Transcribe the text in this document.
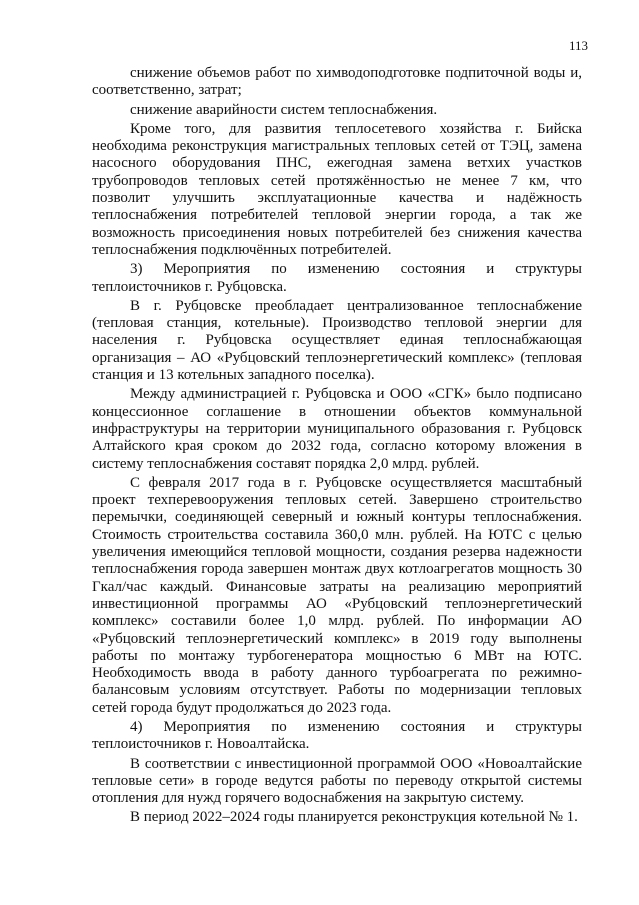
113

снижение объемов работ по химводоподготовке подпиточной воды и, соответственно, затрат;

снижение аварийности систем теплоснабжения.

Кроме того, для развития теплосетевого хозяйства г. Бийска необходима реконструкция магистральных тепловых сетей от ТЭЦ, замена насосного оборудования ПНС, ежегодная замена ветхих участков трубопроводов тепловых сетей протяжённостью не менее 7 км, что позволит улучшить эксплуатационные качества и надёжность теплоснабжения потребителей тепловой энергии города, а так же возможность присоединения новых потребителей без снижения качества теплоснабжения подключённых потребителей.

3) Мероприятия по изменению состояния и структуры теплоисточников г. Рубцовска.

В г. Рубцовске преобладает централизованное теплоснабжение (тепловая станция, котельные). Производство тепловой энергии для населения г. Рубцовска осуществляет единая теплоснабжающая организация – АО «Рубцовский теплоэнергетический комплекс» (тепловая станция и 13 котельных западного поселка).

Между администрацией г. Рубцовска и ООО «СГК» было подписано концессионное соглашение в отношении объектов коммунальной инфраструктуры на территории муниципального образования г. Рубцовск Алтайского края сроком до 2032 года, согласно которому вложения в систему теплоснабжения составят порядка 2,0 млрд. рублей.

С февраля 2017 года в г. Рубцовске осуществляется масштабный проект техперевооружения тепловых сетей. Завершено строительство перемычки, соединяющей северный и южный контуры теплоснабжения. Стоимость строительства составила 360,0 млн. рублей. На ЮТС с целью увеличения имеющийся тепловой мощности, создания резерва надежности теплоснабжения города завершен монтаж двух котлоагрегатов мощность 30 Гкал/час каждый. Финансовые затраты на реализацию мероприятий инвестиционной программы АО «Рубцовский теплоэнергетический комплекс» составили более 1,0 млрд. рублей. По информации АО «Рубцовский теплоэнергетический комплекс» в 2019 году выполнены работы по монтажу турбогенератора мощностью 6 МВт на ЮТС. Необходимость ввода в работу данного турбоагрегата по режимно-балансовым условиям отсутствует. Работы по модернизации тепловых сетей города будут продолжаться до 2023 года.

4) Мероприятия по изменению состояния и структуры теплоисточников г. Новоалтайска.

В соответствии с инвестиционной программой ООО «Новоалтайские тепловые сети» в городе ведутся работы по переводу открытой системы отопления для нужд горячего водоснабжения на закрытую систему.

В период 2022–2024 годы планируется реконструкция котельной № 1.
